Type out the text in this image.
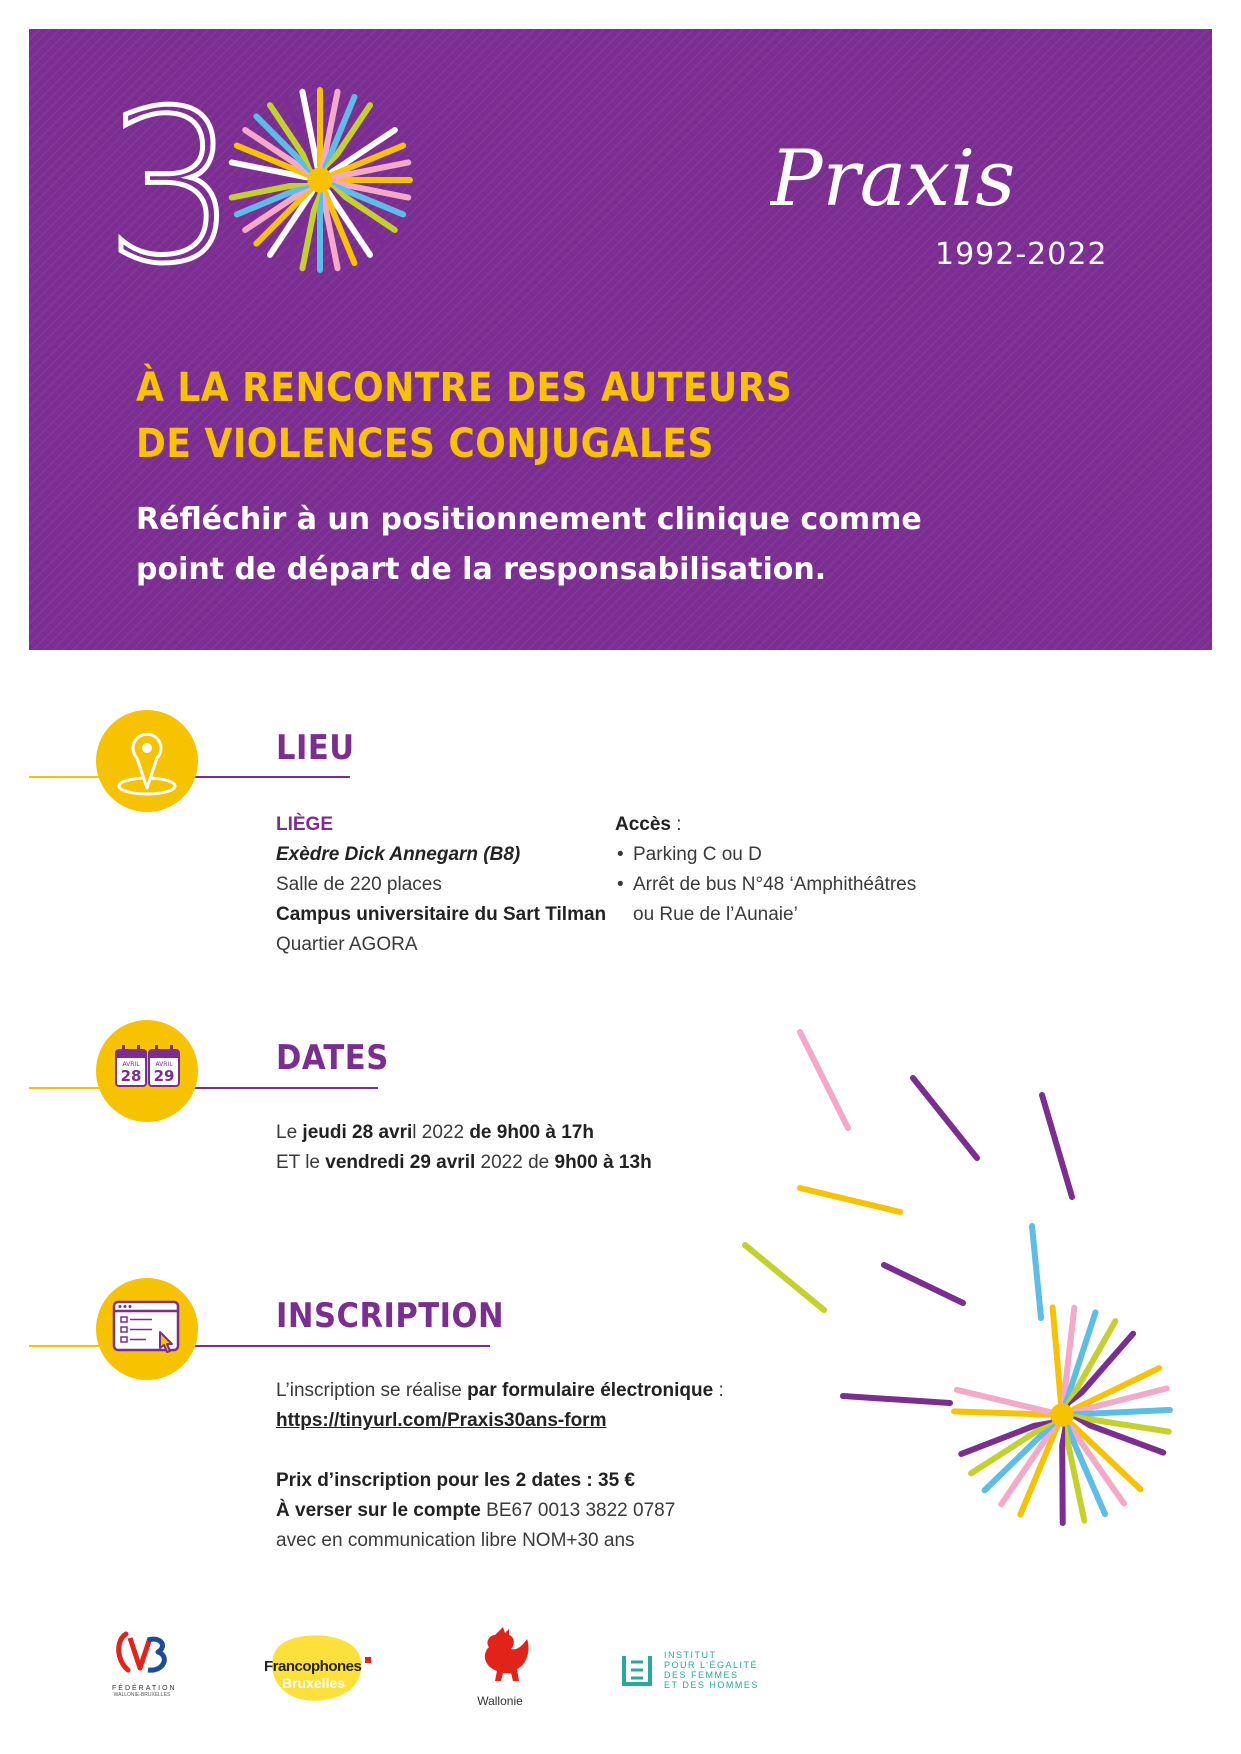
3	Praxis
1992-2022
À LA RENCONTRE DES AUTEURS
DE VIOLENCES CONJUGALES
Réfléchir à un positionnement clinique comme
point de départ de la responsabilisation.
LIEU
LIÈGE
Exèdre Dick Annegarn (B8)
Salle de 220 places
Campus universitaire du Sart Tilman
Quartier AGORA
Accès :
• Parking C ou D
• Arrêt de bus N°48 ‘Amphithéâtres
ou Rue de l’Aunaie’
AVRIL
28
AVRIL
29	DATES
Le jeudi 28 avril 2022 de 9h00 à 17h
ET le vendredi 29 avril 2022 de 9h00 à 13h
INSCRIPTION
L’inscription se réalise par formulaire électronique :
https://tinyurl.com/Praxis30ans-form
Prix d’inscription pour les 2 dates : 35 €
À verser sur le compte BE67 0013 3822 0787
avec en communication libre NOM+30 ans
FÉDÉRATION
WALLONIE-BRUXELLES
Francophones
Bruxelles
Wallonie
INSTITUT
POUR L’ÉGALITÉ
DES FEMMES
ET DES HOMMES
